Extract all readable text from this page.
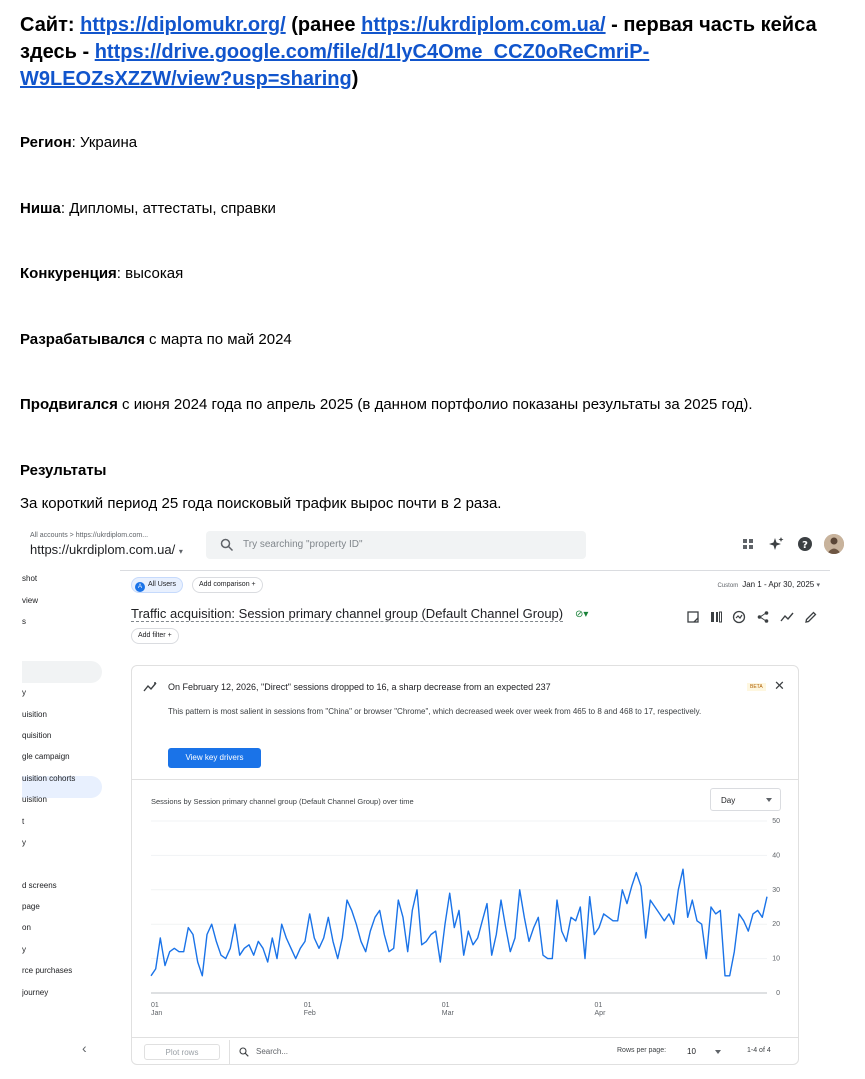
Сайт: https://diplomukr.org/ (ранее https://ukrdiplom.com.ua/ - первая часть кейса здесь - https://drive.google.com/file/d/1lyC4Ome_CCZ0oReCmriP-W9LEOZsXZZW/view?usp=sharing)
Регион: Украина
Ниша: Дипломы, аттестаты, справки
Конкуренция: высокая
Разрабатывался с марта по май 2024
Продвигался с июня 2024 года по апрель 2025 (в данном портфолио показаны результаты за 2025 год).
Результаты
За короткий период 25 года поисковый трафик вырос почти в 2 раза.
All accounts > https://ukrdiplom.com...
https://ukrdiplom.com.ua/ ▾
Try searching "property ID"	?
shot
view
s
y
uisition
quisition
gle campaign
uisition cohorts
uisition
t
y
d screens
page
on
y
rce purchases
journey
‹
A All Users	Add comparison +	Custom Jan 1 - Apr 30, 2025 ▾
Traffic acquisition: Session primary channel group (Default Channel Group) ⊘▾
Add filter +
On February 12, 2026, "Direct" sessions dropped to 16, a sharp decrease from an expected 237	BETA ✕
This pattern is most salient in sessions from "China" or browser "Chrome", which decreased week over week from 465 to 8 and 468 to 17, respectively.
View key drivers
Sessions by Session primary channel group (Default Channel Group) over time	Day
0
10
20
30
40
50
01
Jan
01
Feb
01
Mar
01
Apr
Plot rows	Search...	Rows per page:	10	1-4 of 4
